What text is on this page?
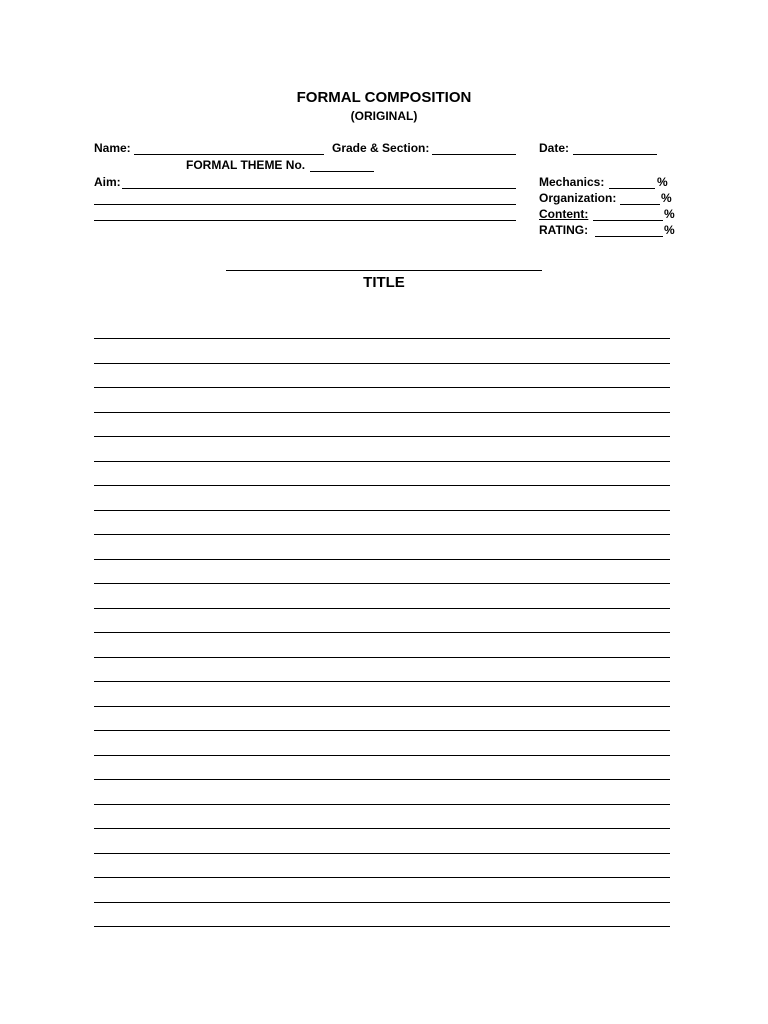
FORMAL COMPOSITION
(ORIGINAL)
Name:	Grade & Section:	Date:
FORMAL THEME No.
Aim:	Mechanics:	%
Organization:	%
Content:	%
RATING:	%
TITLE
